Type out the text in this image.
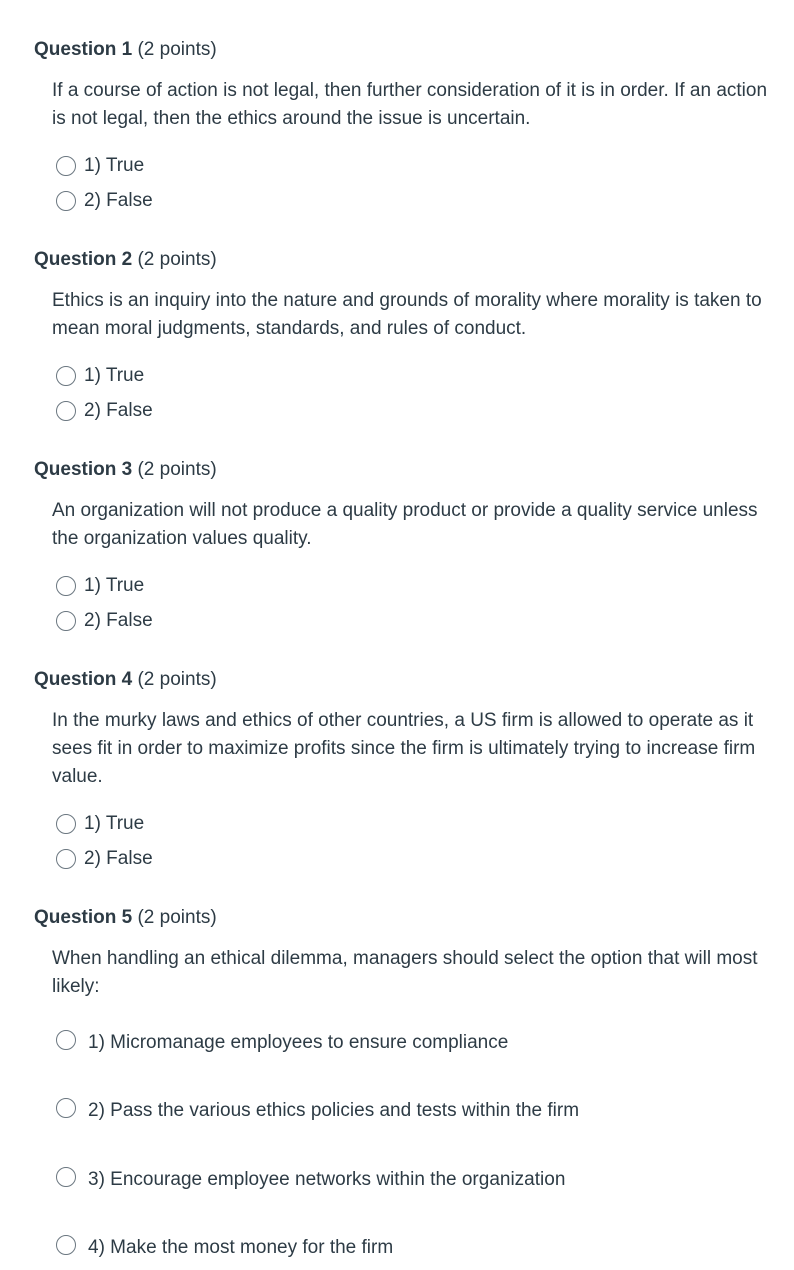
Question 1 (2 points)

If a course of action is not legal, then further consideration of it is in order. If an action is not legal, then the ethics around the issue is uncertain.

1) True
2) False
Question 2 (2 points)

Ethics is an inquiry into the nature and grounds of morality where morality is taken to mean moral judgments, standards, and rules of conduct.

1) True
2) False
Question 3 (2 points)

An organization will not produce a quality product or provide a quality service unless the organization values quality.

1) True
2) False
Question 4 (2 points)

In the murky laws and ethics of other countries, a US firm is allowed to operate as it sees fit in order to maximize profits since the firm is ultimately trying to increase firm value.

1) True
2) False
Question 5 (2 points)

When handling an ethical dilemma, managers should select the option that will most likely:

1) Micromanage employees to ensure compliance
2) Pass the various ethics policies and tests within the firm
3) Encourage employee networks within the organization
4) Make the most money for the firm
